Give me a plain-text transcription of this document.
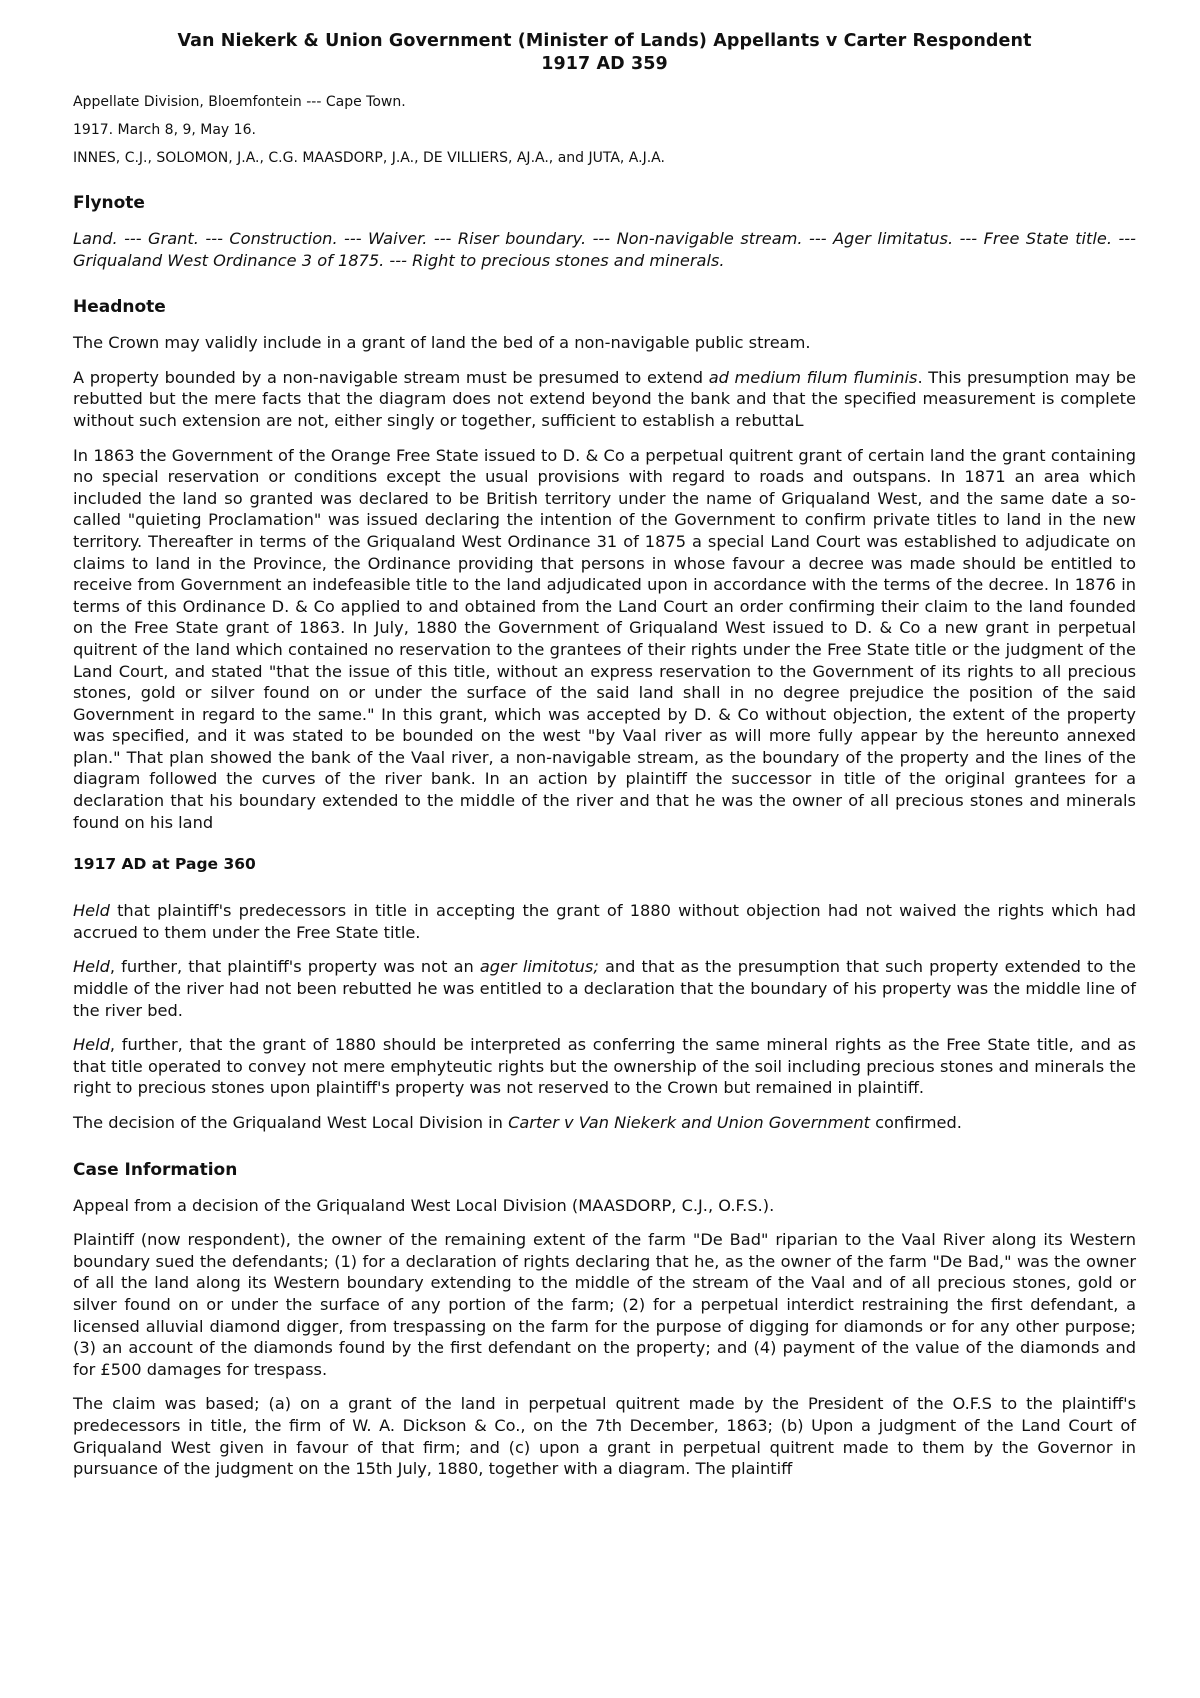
Van Niekerk & Union Government (Minister of Lands) Appellants v Carter Respondent
1917 AD 359
Appellate Division, Bloemfontein --- Cape Town.
1917. March 8, 9, May 16.
INNES, C.J., SOLOMON, J.A., C.G. MAASDORP, J.A., DE VILLIERS, AJ.A., and JUTA, A.J.A.
Flynote
Land. --- Grant. --- Construction. --- Waiver. --- Riser boundary. --- Non-navigable stream. --- Ager limitatus. --- Free State title. --- Griqualand West Ordinance 3 of 1875. --- Right to precious stones and minerals.
Headnote
The Crown may validly include in a grant of land the bed of a non-navigable public stream.
A property bounded by a non-navigable stream must be presumed to extend ad medium filum fluminis. This presumption may be rebutted but the mere facts that the diagram does not extend beyond the bank and that the specified measurement is complete without such extension are not, either singly or together, sufficient to establish a rebuttaL
In 1863 the Government of the Orange Free State issued to D. & Co a perpetual quitrent grant of certain land the grant containing no special reservation or conditions except the usual provisions with regard to roads and outspans. In 1871 an area which included the land so granted was declared to be British territory under the name of Griqualand West, and the same date a so-called "quieting Proclamation" was issued declaring the intention of the Government to confirm private titles to land in the new territory. Thereafter in terms of the Griqualand West Ordinance 31 of 1875 a special Land Court was established to adjudicate on claims to land in the Province, the Ordinance providing that persons in whose favour a decree was made should be entitled to receive from Government an indefeasible title to the land adjudicated upon in accordance with the terms of the decree. In 1876 in terms of this Ordinance D. & Co applied to and obtained from the Land Court an order confirming their claim to the land founded on the Free State grant of 1863. In July, 1880 the Government of Griqualand West issued to D. & Co a new grant in perpetual quitrent of the land which contained no reservation to the grantees of their rights under the Free State title or the judgment of the Land Court, and stated "that the issue of this title, without an express reservation to the Government of its rights to all precious stones, gold or silver found on or under the surface of the said land shall in no degree prejudice the position of the said Government in regard to the same." In this grant, which was accepted by D. & Co without objection, the extent of the property was specified, and it was stated to be bounded on the west "by Vaal river as will more fully appear by the hereunto annexed plan." That plan showed the bank of the Vaal river, a non-navigable stream, as the boundary of the property and the lines of the diagram followed the curves of the river bank. In an action by plaintiff the successor in title of the original grantees for a declaration that his boundary extended to the middle of the river and that he was the owner of all precious stones and minerals found on his land
1917 AD at Page 360
Held that plaintiff's predecessors in title in accepting the grant of 1880 without objection had not waived the rights which had accrued to them under the Free State title.
Held, further, that plaintiff's property was not an ager limitotus; and that as the presumption that such property extended to the middle of the river had not been rebutted he was entitled to a declaration that the boundary of his property was the middle line of the river bed.
Held, further, that the grant of 1880 should be interpreted as conferring the same mineral rights as the Free State title, and as that title operated to convey not mere emphyteutic rights but the ownership of the soil including precious stones and minerals the right to precious stones upon plaintiff's property was not reserved to the Crown but remained in plaintiff.
The decision of the Griqualand West Local Division in Carter v Van Niekerk and Union Government confirmed.
Case Information
Appeal from a decision of the Griqualand West Local Division (MAASDORP, C.J., O.F.S.).
Plaintiff (now respondent), the owner of the remaining extent of the farm "De Bad" riparian to the Vaal River along its Western boundary sued the defendants; (1) for a declaration of rights declaring that he, as the owner of the farm "De Bad," was the owner of all the land along its Western boundary extending to the middle of the stream of the Vaal and of all precious stones, gold or silver found on or under the surface of any portion of the farm; (2) for a perpetual interdict restraining the first defendant, a licensed alluvial diamond digger, from trespassing on the farm for the purpose of digging for diamonds or for any other purpose; (3) an account of the diamonds found by the first defendant on the property; and (4) payment of the value of the diamonds and for £500 damages for trespass.
The claim was based; (a) on a grant of the land in perpetual quitrent made by the President of the O.F.S to the plaintiff's predecessors in title, the firm of W. A. Dickson & Co., on the 7th December, 1863; (b) Upon a judgment of the Land Court of Griqualand West given in favour of that firm; and (c) upon a grant in perpetual quitrent made to them by the Governor in pursuance of the judgment on the 15th July, 1880, together with a diagram. The plaintiff
